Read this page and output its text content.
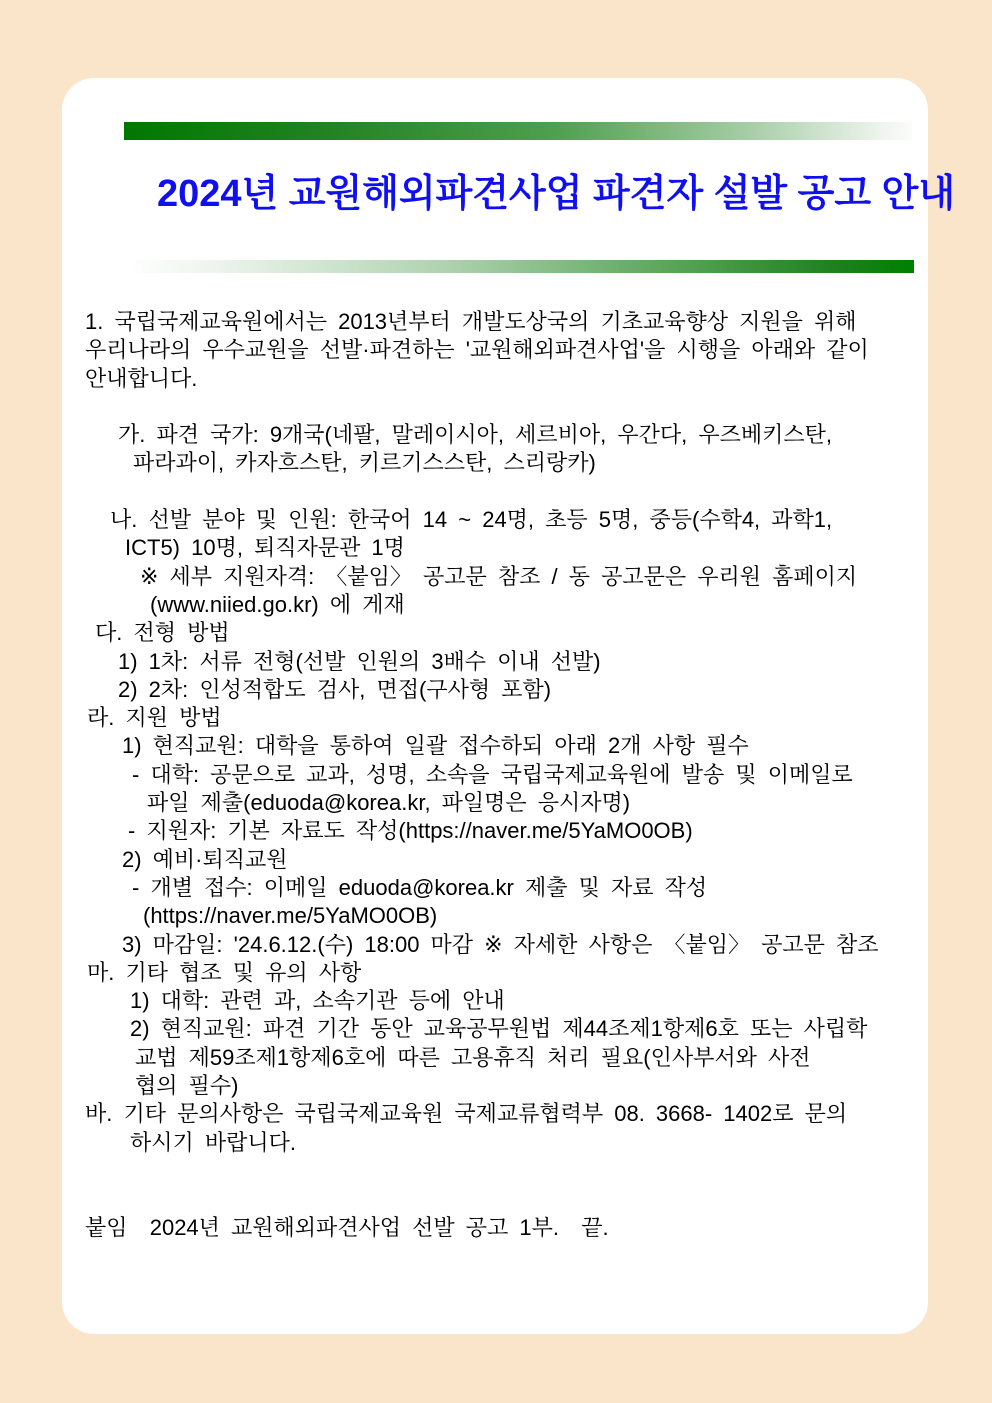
2024년 교원해외파견사업 파견자 설발 공고 안내
1. 국립국제교육원에서는 2013년부터 개발도상국의 기초교육향상 지원을 위해
우리나라의 우수교원을 선발·파견하는 '교원해외파견사업'을 시행을 아래와 같이
안내합니다.

가. 파견 국가: 9개국(네팔, 말레이시아, 세르비아, 우간다, 우즈베키스탄,
파라과이, 카자흐스탄, 키르기스스탄, 스리랑카)

나. 선발 분야 및 인원: 한국어 14 ~ 24명, 초등 5명, 중등(수학4, 과학1,
ICT5) 10명, 퇴직자문관 1명
※ 세부 지원자격: 〈붙임〉 공고문 참조 / 동 공고문은 우리원 홈페이지
(www.niied.go.kr) 에 게재
다. 전형 방법
1) 1차: 서류 전형(선발 인원의 3배수 이내 선발)
2) 2차: 인성적합도 검사, 면접(구사형 포함)
라. 지원 방법
1) 현직교원: 대학을 통하여 일괄 접수하되 아래 2개 사항 필수
- 대학: 공문으로 교과, 성명, 소속을 국립국제교육원에 발송 및 이메일로
파일 제출(eduoda@korea.kr, 파일명은 응시자명)
- 지원자: 기본 자료도 작성(https://naver.me/5YaMO0OB)
2) 예비·퇴직교원
- 개별 접수: 이메일 eduoda@korea.kr 제출 및 자료 작성
(https://naver.me/5YaMO0OB)
3) 마감일: '24.6.12.(수) 18:00 마감 ※ 자세한 사항은 〈붙임〉 공고문 참조
마. 기타 협조 및 유의 사항
1) 대학: 관련 과, 소속기관 등에 안내
2) 현직교원: 파견 기간 동안 교육공무원법 제44조제1항제6호 또는 사립학
교법 제59조제1항제6호에 따른 고용휴직 처리 필요(인사부서와 사전
협의 필수)
바. 기타 문의사항은 국립국제교육원 국제교류협력부 08. 3668- 1402로 문의
하시기 바랍니다.

붙임  2024년 교원해외파견사업 선발 공고 1부.  끝.
